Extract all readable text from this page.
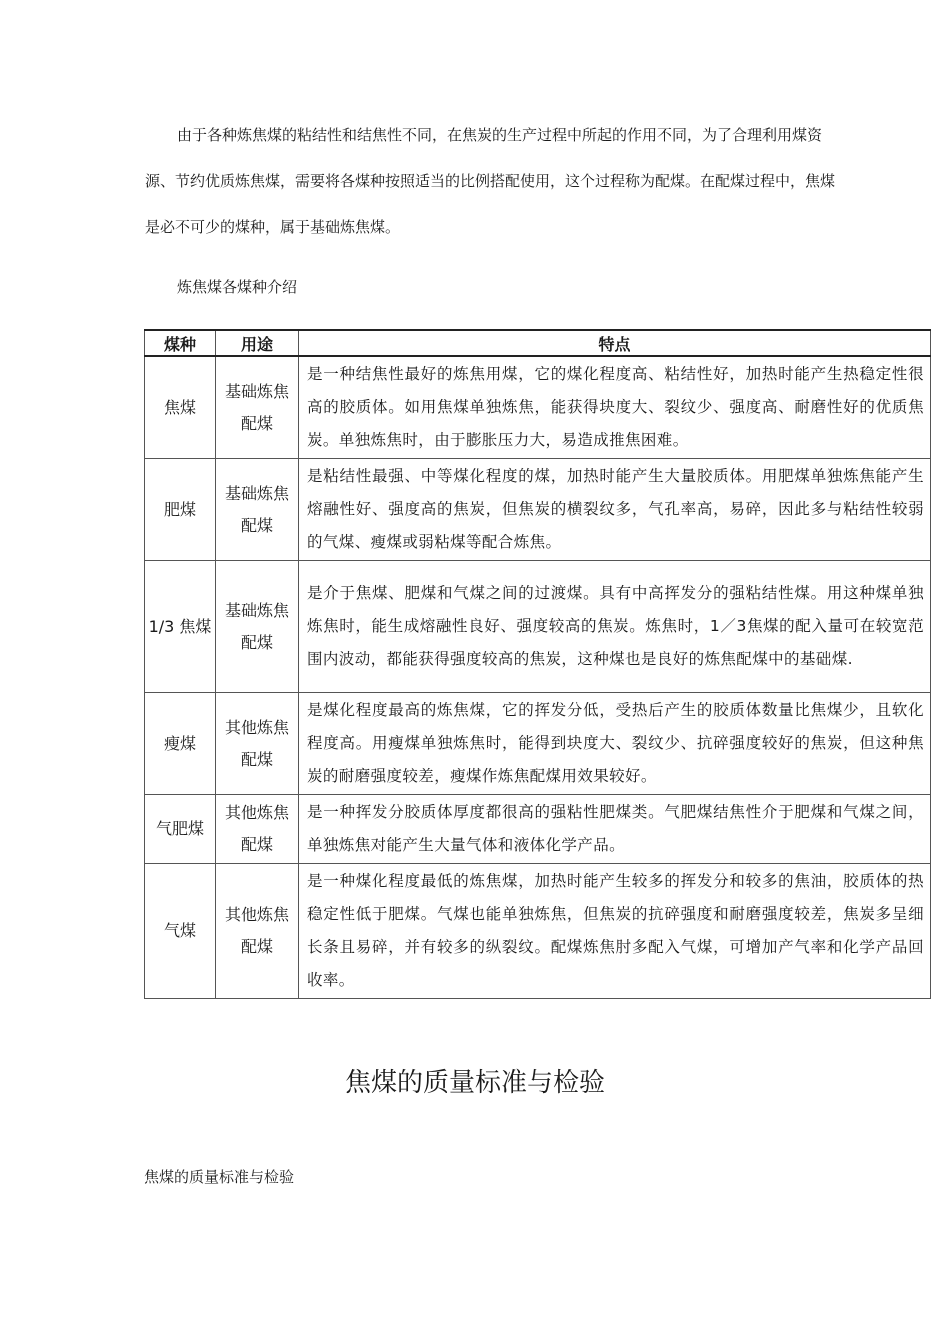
由于各种炼焦煤的粘结性和结焦性不同，在焦炭的生产过程中所起的作用不同，为了合理利用煤资源、节约优质炼焦煤，需要将各煤种按照适当的比例搭配使用，这个过程称为配煤。在配煤过程中，焦煤是必不可少的煤种，属于基础炼焦煤。

炼焦煤各煤种介绍

煤种	用途	特点
焦煤	基础炼焦配煤	是一种结焦性最好的炼焦用煤，它的煤化程度高、粘结性好，加热时能产生热稳定性很高的胶质体。如用焦煤单独炼焦，能获得块度大、裂纹少、强度高、耐磨性好的优质焦炭。单独炼焦时，由于膨胀压力大，易造成推焦困难。
肥煤	基础炼焦配煤	是粘结性最强、中等煤化程度的煤，加热时能产生大量胶质体。用肥煤单独炼焦能产生熔融性好、强度高的焦炭，但焦炭的横裂纹多，气孔率高，易碎，因此多与粘结性较弱的气煤、瘦煤或弱粘煤等配合炼焦。
1/3 焦煤	基础炼焦配煤	是介于焦煤、肥煤和气煤之间的过渡煤。具有中高挥发分的强粘结性煤。用这种煤单独炼焦时，能生成熔融性良好、强度较高的焦炭。炼焦时，1／3焦煤的配入量可在较宽范围内波动，都能获得强度较高的焦炭，这种煤也是良好的炼焦配煤中的基础煤.
瘦煤	其他炼焦配煤	是煤化程度最高的炼焦煤，它的挥发分低，受热后产生的胶质体数量比焦煤少，且软化程度高。用瘦煤单独炼焦时，能得到块度大、裂纹少、抗碎强度较好的焦炭，但这种焦炭的耐磨强度较差，瘦煤作炼焦配煤用效果较好。
气肥煤	其他炼焦配煤	是一种挥发分胶质体厚度都很高的强粘性肥煤类。气肥煤结焦性介于肥煤和气煤之间，单独炼焦对能产生大量气体和液体化学产品。
气煤	其他炼焦配煤	是一种煤化程度最低的炼焦煤，加热时能产生较多的挥发分和较多的焦油，胶质体的热稳定性低于肥煤。气煤也能单独炼焦，但焦炭的抗碎强度和耐磨强度较差，焦炭多呈细长条且易碎，并有较多的纵裂纹。配煤炼焦肘多配入气煤，可增加产气率和化学产品回收率。
焦煤的质量标准与检验

焦煤的质量标准与检验
